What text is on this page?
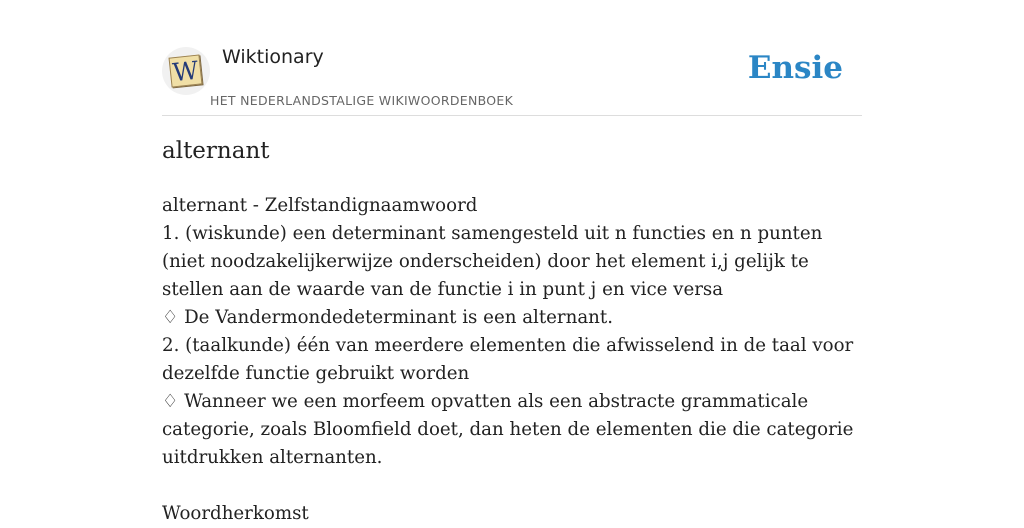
W Wiktionary
HET NEDERLANDSTALIGE WIKIWOORDENBOEK
Ensie
alternant

alternant - Zelfstandignaamwoord

1. (wiskunde) een determinant samengesteld uit n functies en n punten (niet noodzakelijkerwijze onderscheiden) door het element i,j gelijk te stellen aan de waarde van de functie i in punt j en vice versa

♢ De Vandermondedeterminant is een alternant.

2. (taalkunde) één van meerdere elementen die afwisselend in de taal voor dezelfde functie gebruikt worden

♢ Wanneer we een morfeem opvatten als een abstracte grammaticale categorie, zoals Bloomfield doet, dan heten de elementen die die categorie uitdrukken alternanten.

Woordherkomst
